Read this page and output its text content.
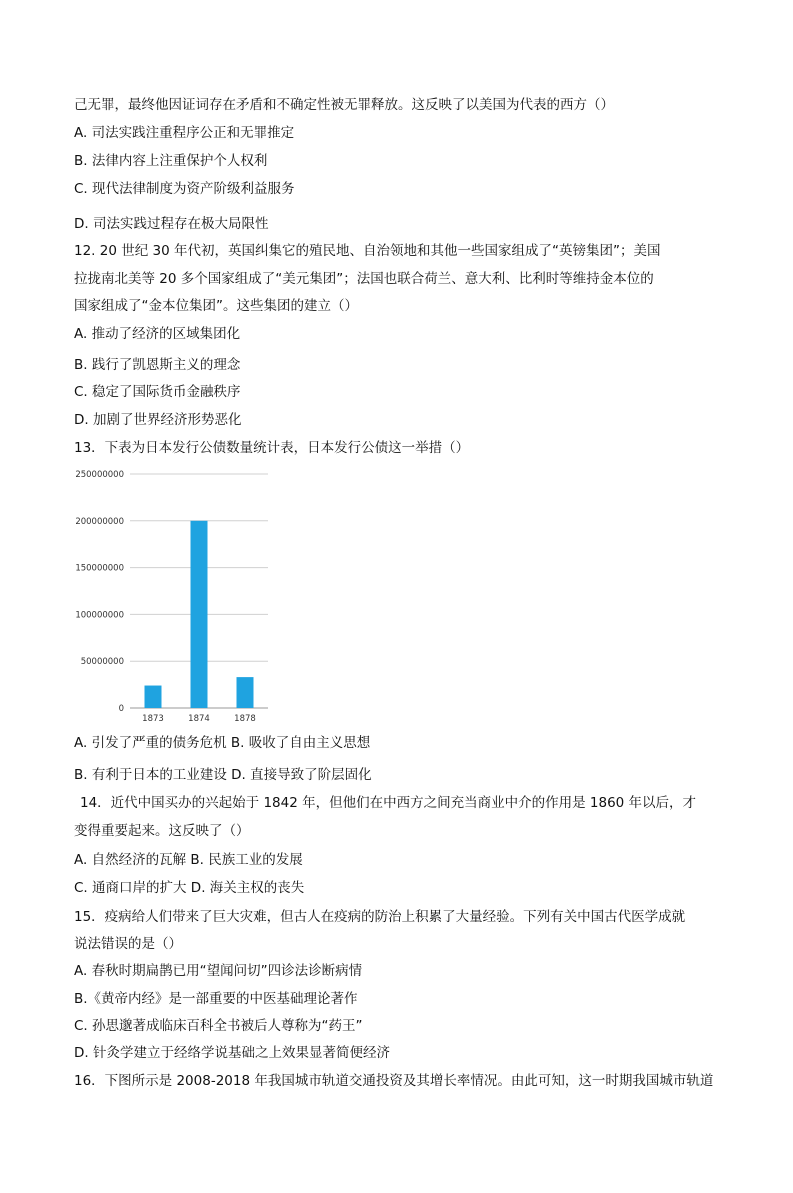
己无罪，最终他因证词存在矛盾和不确定性被无罪释放。这反映了以美国为代表的西方（）
A. 司法实践注重程序公正和无罪推定
B. 法律内容上注重保护个人权利
C. 现代法律制度为资产阶级利益服务
D. 司法实践过程存在极大局限性
12. 20 世纪 30 年代初，英国纠集它的殖民地、自治领地和其他一些国家组成了“英镑集团”；美国
拉拢南北美等 20 多个国家组成了“美元集团”；法国也联合荷兰、意大利、比利时等维持金本位的
国家组成了“金本位集团”。这些集团的建立（）
A. 推动了经济的区域集团化
B. 践行了凯恩斯主义的理念
C. 稳定了国际货币金融秩序
D. 加剧了世界经济形势恶化
13．下表为日本发行公债数量统计表，日本发行公债这一举措（）
0
50000000
100000000
150000000
200000000
250000000
1873	1874	1878
A. 引发了严重的债务危机 B. 吸收了自由主义思想
B. 有利于日本的工业建设 D. 直接导致了阶层固化
14．近代中国买办的兴起始于 1842 年，但他们在中西方之间充当商业中介的作用是 1860 年以后，才
变得重要起来。这反映了（）
A. 自然经济的瓦解 B. 民族工业的发展
C. 通商口岸的扩大 D. 海关主权的丧失
15．疫病给人们带来了巨大灾难，但古人在疫病的防治上积累了大量经验。下列有关中国古代医学成就
说法错误的是（）
A. 春秋时期扁鹊已用“望闻问切”四诊法诊断病情
B.《黄帝内经》是一部重要的中医基础理论著作
C. 孙思邈著成临床百科全书被后人尊称为“药王”
D. 针灸学建立于经络学说基础之上效果显著简便经济
16．下图所示是 2008-2018 年我国城市轨道交通投资及其增长率情况。由此可知，这一时期我国城市轨道
